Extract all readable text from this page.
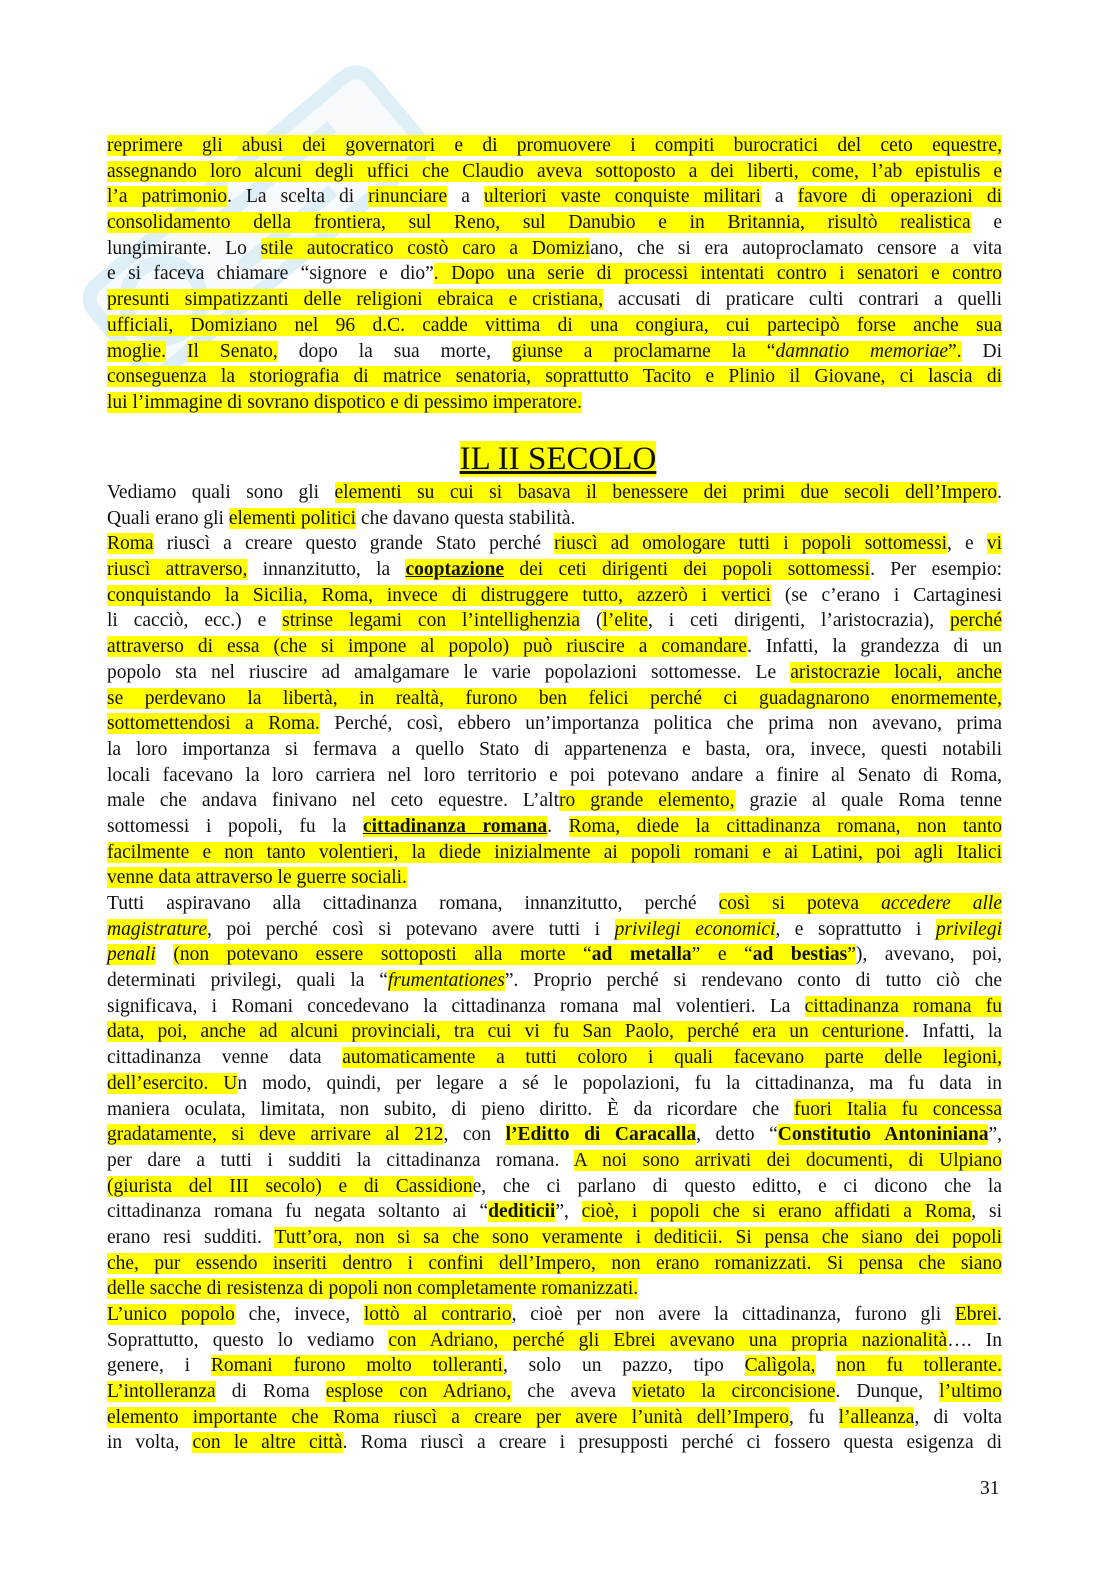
reprimere gli abusi dei governatori e di promuovere i compiti burocratici del ceto equestre,
assegnando loro alcuni degli uffici che Claudio aveva sottoposto a dei liberti, come, l’ab epistulis e
l’a patrimonio. La scelta di rinunciare a ulteriori vaste conquiste militari a favore di operazioni di
consolidamento della frontiera, sul Reno, sul Danubio e in Britannia, risultò realistica e
lungimirante. Lo stile autocratico costò caro a Domiziano, che si era autoproclamato censore a vita
e si faceva chiamare “signore e dio”. Dopo una serie di processi intentati contro i senatori e contro
presunti simpatizzanti delle religioni ebraica e cristiana, accusati di praticare culti contrari a quelli
ufficiali, Domiziano nel 96 d.C. cadde vittima di una congiura, cui partecipò forse anche sua
moglie. Il Senato, dopo la sua morte, giunse a proclamarne la “damnatio memoriae”. Di
conseguenza la storiografia di matrice senatoria, soprattutto Tacito e Plinio il Giovane, ci lascia di
lui l’immagine di sovrano dispotico e di pessimo imperatore.
IL II SECOLO
Vediamo quali sono gli elementi su cui si basava il benessere dei primi due secoli dell’Impero.
Quali erano gli elementi politici che davano questa stabilità.
Roma riuscì a creare questo grande Stato perché riuscì ad omologare tutti i popoli sottomessi, e vi
riuscì attraverso, innanzitutto, la cooptazione dei ceti dirigenti dei popoli sottomessi. Per esempio:
conquistando la Sicilia, Roma, invece di distruggere tutto, azzerò i vertici (se c’erano i Cartaginesi
li cacciò, ecc.) e strinse legami con l’intellighenzia (l’elite, i ceti dirigenti, l’aristocrazia), perché
attraverso di essa (che si impone al popolo) può riuscire a comandare. Infatti, la grandezza di un
popolo sta nel riuscire ad amalgamare le varie popolazioni sottomesse. Le aristocrazie locali, anche
se perdevano la libertà, in realtà, furono ben felici perché ci guadagnarono enormemente,
sottomettendosi a Roma. Perché, così, ebbero un’importanza politica che prima non avevano, prima
la loro importanza si fermava a quello Stato di appartenenza e basta, ora, invece, questi notabili
locali facevano la loro carriera nel loro territorio e poi potevano andare a finire al Senato di Roma,
male che andava finivano nel ceto equestre. L’altro grande elemento, grazie al quale Roma tenne
sottomessi i popoli, fu la cittadinanza romana. Roma, diede la cittadinanza romana, non tanto
facilmente e non tanto volentieri, la diede inizialmente ai popoli romani e ai Latini, poi agli Italici
venne data attraverso le guerre sociali.
Tutti aspiravano alla cittadinanza romana, innanzitutto, perché così si poteva accedere alle
magistrature, poi perché così si potevano avere tutti i privilegi economici, e soprattutto i privilegi
penali (non potevano essere sottoposti alla morte “ad metalla” e “ad bestias”), avevano, poi,
determinati privilegi, quali la “frumentationes”. Proprio perché si rendevano conto di tutto ciò che
significava, i Romani concedevano la cittadinanza romana mal volentieri. La cittadinanza romana fu
data, poi, anche ad alcuni provinciali, tra cui vi fu San Paolo, perché era un centurione. Infatti, la
cittadinanza venne data automaticamente a tutti coloro i quali facevano parte delle legioni,
dell’esercito. Un modo, quindi, per legare a sé le popolazioni, fu la cittadinanza, ma fu data in
maniera oculata, limitata, non subito, di pieno diritto. È da ricordare che fuori Italia fu concessa
gradatamente, si deve arrivare al 212, con l’Editto di Caracalla, detto “Constitutio Antoniniana”,
per dare a tutti i sudditi la cittadinanza romana. A noi sono arrivati dei documenti, di Ulpiano
(giurista del III secolo) e di Cassidione, che ci parlano di questo editto, e ci dicono che la
cittadinanza romana fu negata soltanto ai “dediticii”, cioè, i popoli che si erano affidati a Roma, si
erano resi sudditi. Tutt’ora, non si sa che sono veramente i dediticii. Si pensa che siano dei popoli
che, pur essendo inseriti dentro i confini dell’Impero, non erano romanizzati. Si pensa che siano
delle sacche di resistenza di popoli non completamente romanizzati.
L’unico popolo che, invece, lottò al contrario, cioè per non avere la cittadinanza, furono gli Ebrei.
Soprattutto, questo lo vediamo con Adriano, perché gli Ebrei avevano una propria nazionalità…. In
genere, i Romani furono molto tolleranti, solo un pazzo, tipo Calìgola, non fu tollerante.
L’intolleranza di Roma esplose con Adriano, che aveva vietato la circoncisione. Dunque, l’ultimo
elemento importante che Roma riuscì a creare per avere l’unità dell’Impero, fu l’alleanza, di volta
in volta, con le altre città. Roma riuscì a creare i presupposti perché ci fossero questa esigenza di
31
